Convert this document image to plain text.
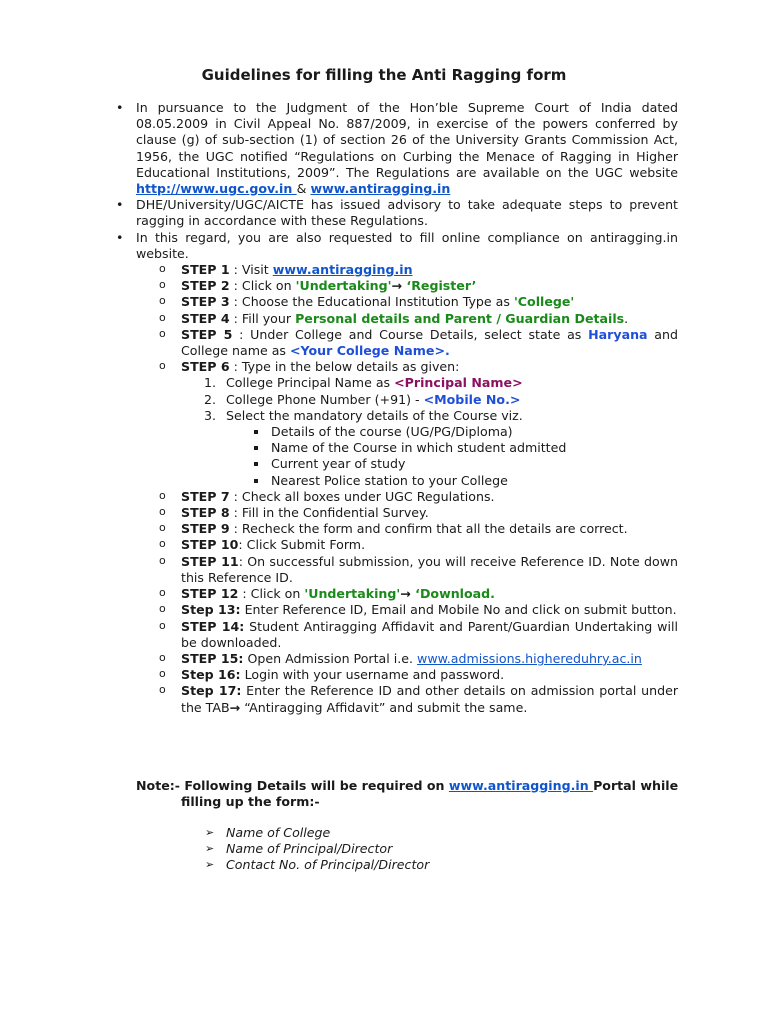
Guidelines for filling the Anti Ragging form
• In pursuance to the Judgment of the Hon’ble Supreme Court of India dated 08.05.2009 in Civil Appeal No. 887/2009, in exercise of the powers conferred by clause (g) of sub-section (1) of section 26 of the University Grants Commission Act, 1956, the UGC notified “Regulations on Curbing the Menace of Ragging in Higher Educational Institutions, 2009”. The Regulations are available on the UGC website http://www.ugc.gov.in & www.antiragging.in
• DHE/University/UGC/AICTE has issued advisory to take adequate steps to prevent ragging in accordance with these Regulations.
• In this regard, you are also requested to fill online compliance on antiragging.in website.
o STEP 1 : Visit www.antiragging.in
o STEP 2 : Click on 'Undertaking'→ ‘Register’
o STEP 3 : Choose the Educational Institution Type as 'College'
o STEP 4 : Fill your Personal details and Parent / Guardian Details.
o STEP 5 : Under College and Course Details, select state as Haryana and College name as <Your College Name>.
o STEP 6 : Type in the below details as given:
1. College Principal Name as <Principal Name>
2. College Phone Number (+91) - <Mobile No.>
3. Select the mandatory details of the Course viz.
Details of the course (UG/PG/Diploma)
Name of the Course in which student admitted
Current year of study
Nearest Police station to your College
o STEP 7 : Check all boxes under UGC Regulations.
o STEP 8 : Fill in the Confidential Survey.
o STEP 9 : Recheck the form and confirm that all the details are correct.
o STEP 10: Click Submit Form.
o STEP 11: On successful submission, you will receive Reference ID. Note down this Reference ID.
o STEP 12 : Click on 'Undertaking'→ ‘Download.
o Step 13: Enter Reference ID, Email and Mobile No and click on submit button.
o STEP 14: Student Antiragging Affidavit and Parent/Guardian Undertaking will be downloaded.
o STEP 15: Open Admission Portal i.e. www.admissions.highereduhry.ac.in
o Step 16: Login with your username and password.
o Step 17: Enter the Reference ID and other details on admission portal under the TAB→ “Antiragging Affidavit” and submit the same.
Note:- Following Details will be required on www.antiragging.in Portal while
filling up the form:-
➢ Name of College
➢ Name of Principal/Director
➢ Contact No. of Principal/Director
